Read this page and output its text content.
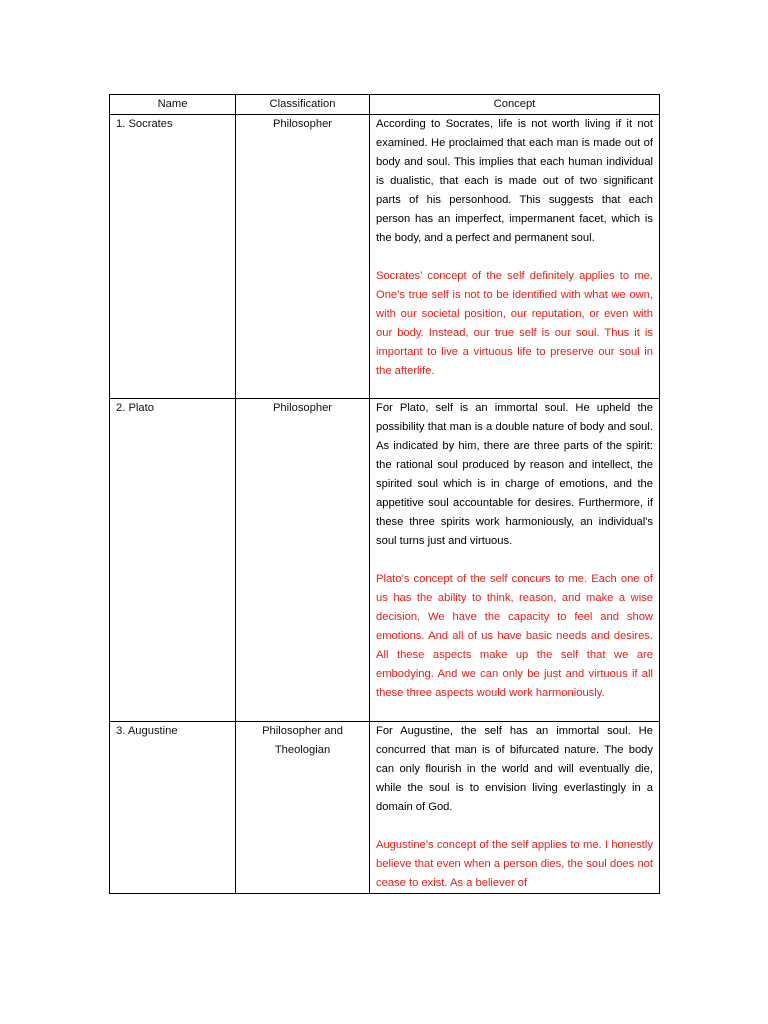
Name	Classification	Concept
1. Socrates	Philosopher	According to Socrates, life is not worth living if it not examined. He proclaimed that each man is made out of body and soul. This implies that each human individual is dualistic, that each is made out of two significant parts of his personhood. This suggests that each person has an imperfect, impermanent facet, which is the body, and a perfect and permanent soul.

Socrates’ concept of the self definitely applies to me. One’s true self is not to be identified with what we own, with our societal position, our reputation, or even with our body. Instead, our true self is our soul. Thus it is important to live a virtuous life to preserve our soul in the afterlife.

2. Plato	Philosopher	For Plato, self is an immortal soul. He upheld the possibility that man is a double nature of body and soul. As indicated by him, there are three parts of the spirit: the rational soul produced by reason and intellect, the spirited soul which is in charge of emotions, and the appetitive soul accountable for desires. Furthermore, if these three spirits work harmoniously, an individual's soul turns just and virtuous.

Plato’s concept of the self concurs to me. Each one of us has the ability to think, reason, and make a wise decision. We have the capacity to feel and show emotions. And all of us have basic needs and desires. All these aspects make up the self that we are embodying. And we can only be just and virtuous if all these three aspects would work harmoniously.

3. Augustine	Philosopher and Theologian	For Augustine, the self has an immortal soul. He concurred that man is of bifurcated nature. The body can only flourish in the world and will eventually die, while the soul is to envision living everlastingly in a domain of God.

Augustine’s concept of the self applies to me. I honestly believe that even when a person dies, the soul does not cease to exist. As a believer of
